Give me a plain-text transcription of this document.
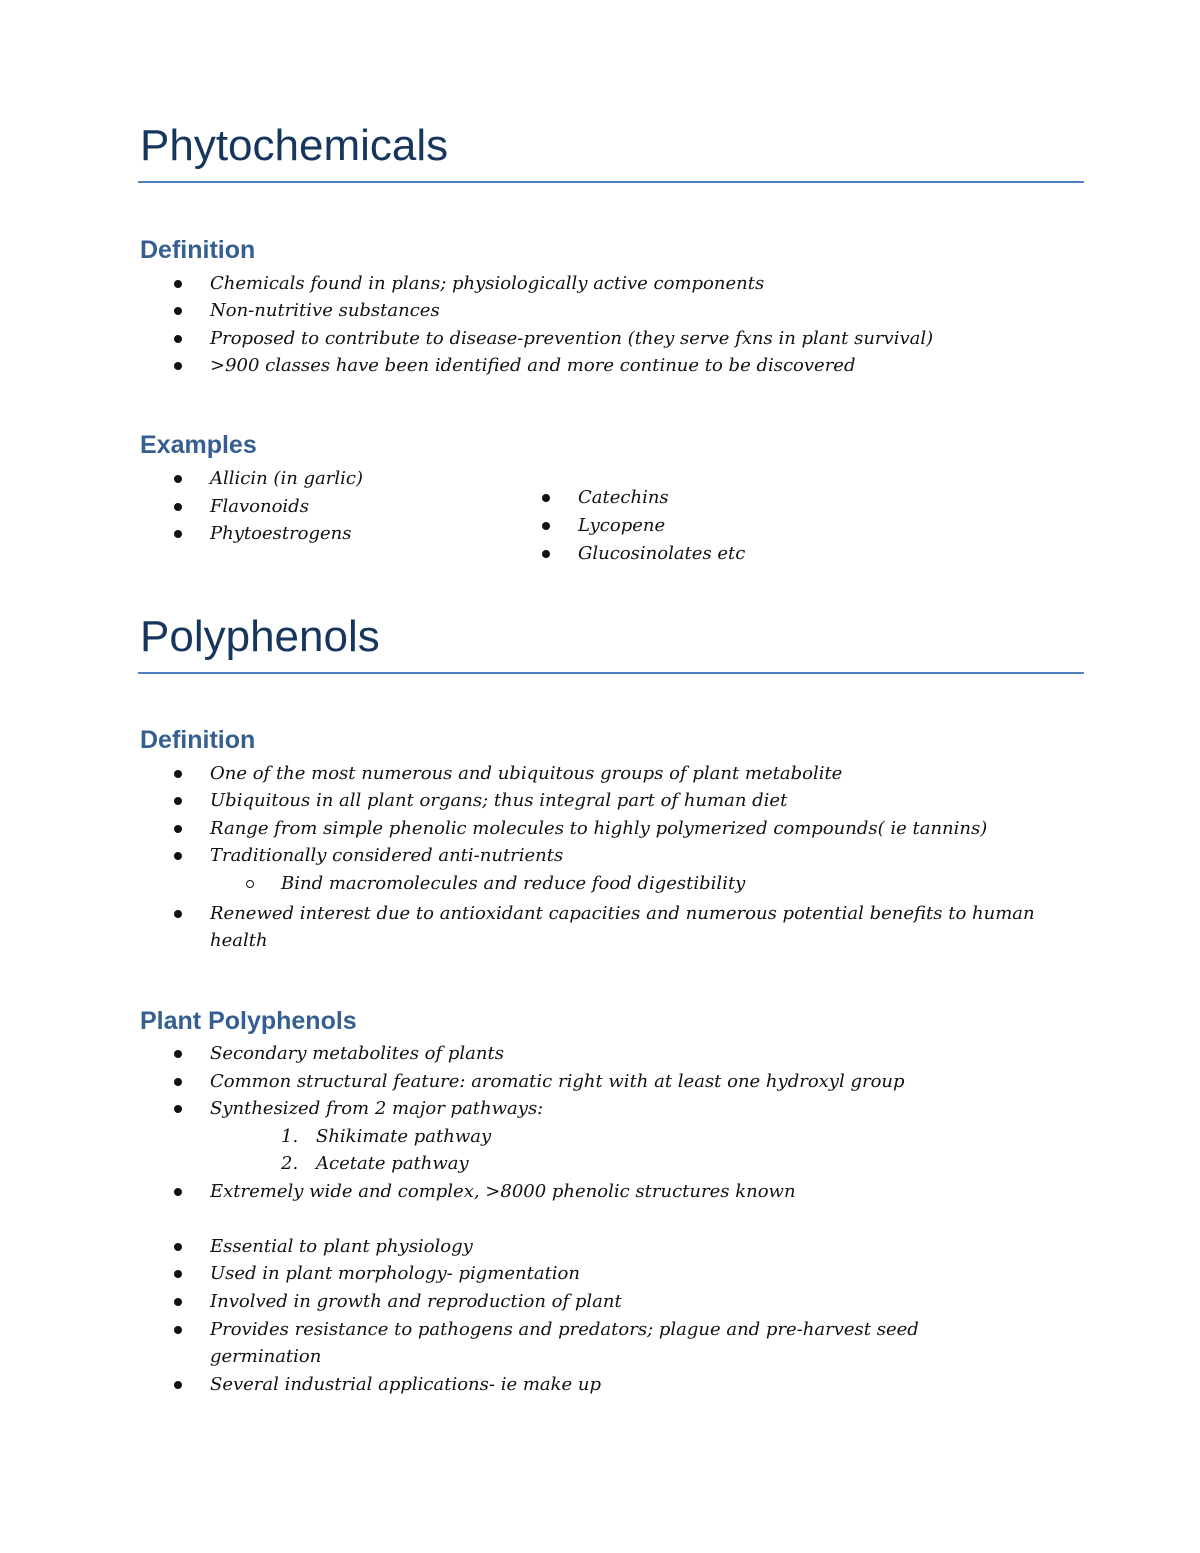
Phytochemicals
Definition
Chemicals found in plans; physiologically active components
Non-nutritive substances
Proposed to contribute to disease-prevention (they serve fxns in plant survival)
>900 classes have been identified and more continue to be discovered
Examples
Allicin (in garlic)
Flavonoids
Phytoestrogens
Catechins
Lycopene
Glucosinolates etc
Polyphenols
Definition
One of the most numerous and ubiquitous groups of plant metabolite
Ubiquitous in all plant organs; thus integral part of human diet
Range from simple phenolic molecules to highly polymerized compounds( ie tannins)
Traditionally considered anti-nutrients
Bind macromolecules and reduce food digestibility
Renewed interest due to antioxidant capacities and numerous potential benefits to human health
Plant Polyphenols
Secondary metabolites of plants
Common structural feature: aromatic right with at least one hydroxyl group
Synthesized from 2 major pathways:
1. Shikimate pathway
2. Acetate pathway
Extremely wide and complex, >8000 phenolic structures known
Essential to plant physiology
Used in plant morphology- pigmentation
Involved in growth and reproduction of plant
Provides resistance to pathogens and predators; plague and pre-harvest seed germination
Several industrial applications- ie make up
